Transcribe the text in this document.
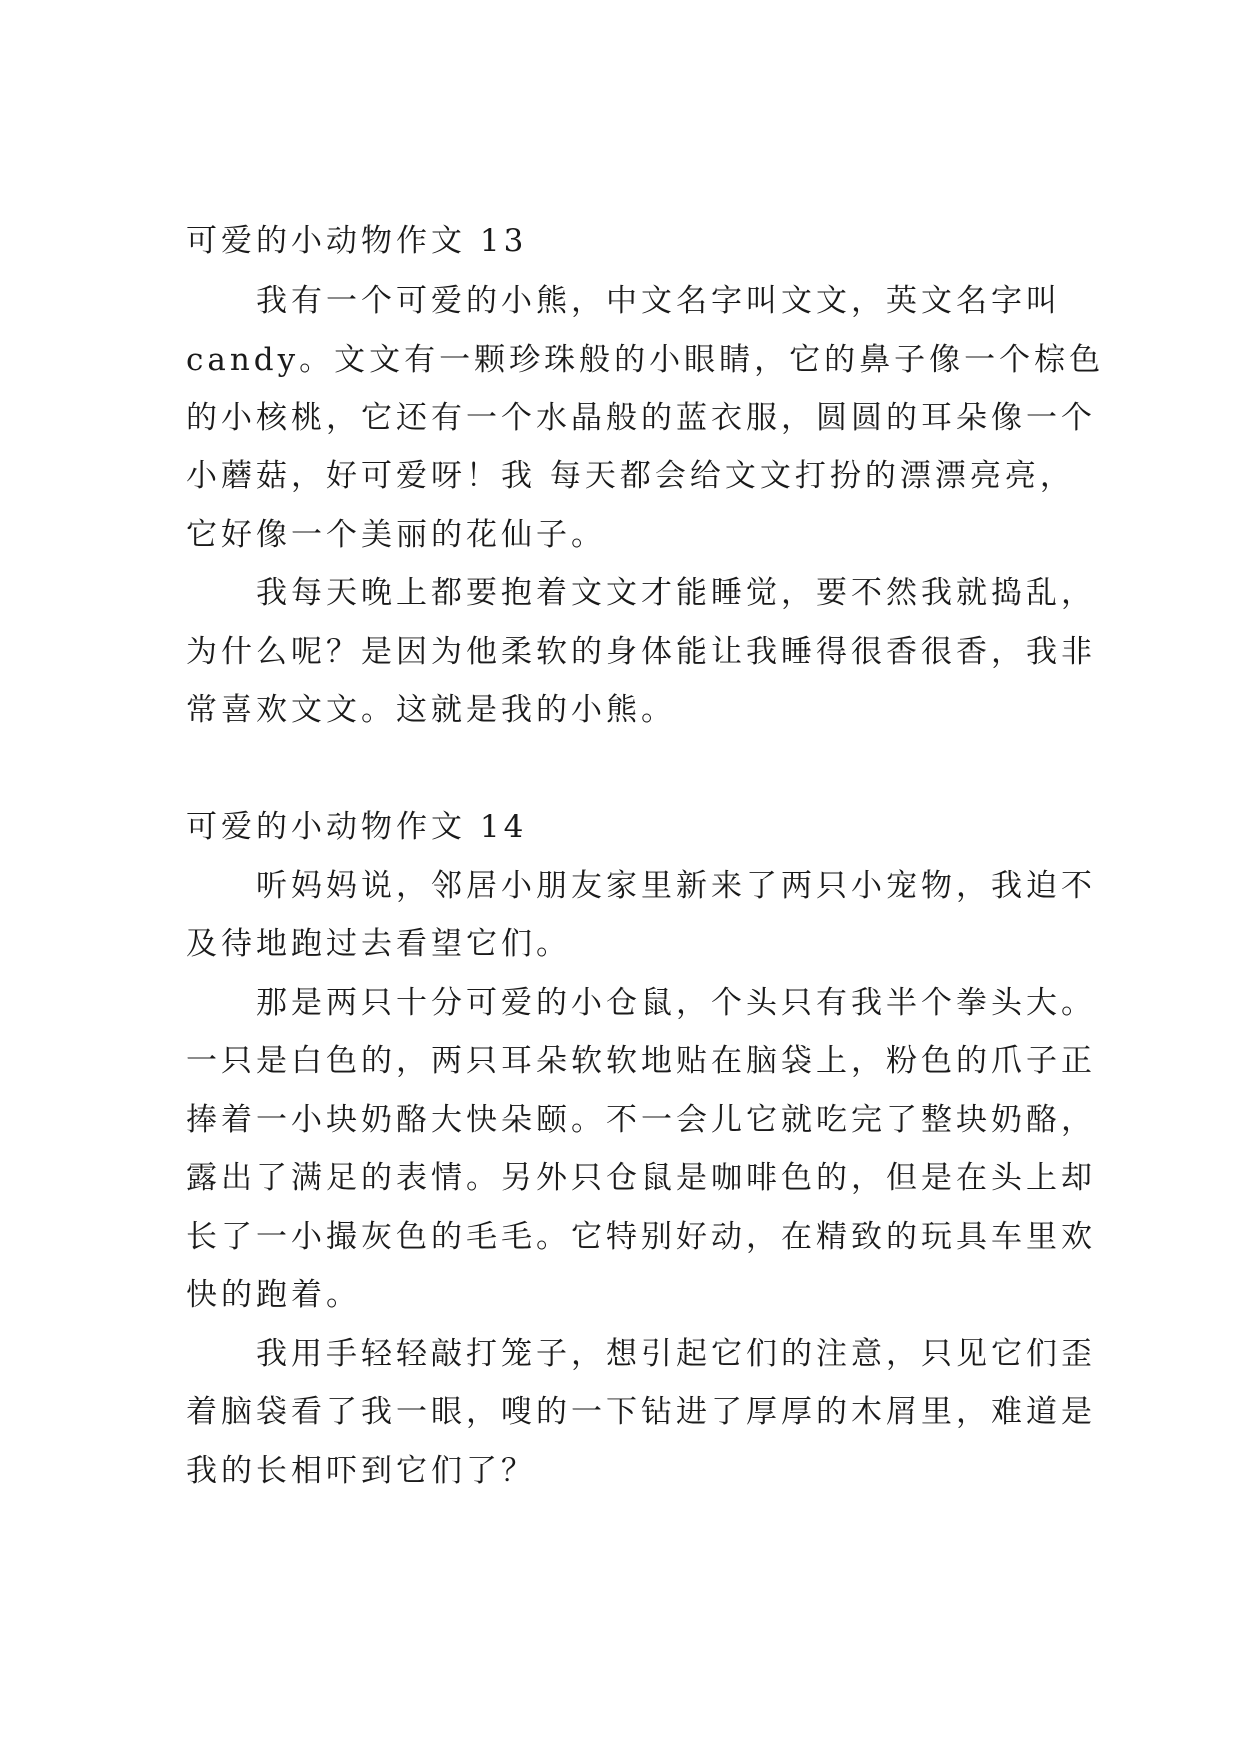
可爱的小动物作文 13
　　我有一个可爱的小熊，中文名字叫文文，英文名字叫
candy。文文有一颗珍珠般的小眼睛，它的鼻子像一个棕色
的小核桃，它还有一个水晶般的蓝衣服，圆圆的耳朵像一个
小蘑菇，好可爱呀！我 每天都会给文文打扮的漂漂亮亮，
它好像一个美丽的花仙子。
　　我每天晚上都要抱着文文才能睡觉，要不然我就捣乱，
为什么呢？是因为他柔软的身体能让我睡得很香很香，我非
常喜欢文文。这就是我的小熊。
可爱的小动物作文 14
　　听妈妈说，邻居小朋友家里新来了两只小宠物，我迫不
及待地跑过去看望它们。
　　那是两只十分可爱的小仓鼠，个头只有我半个拳头大。
一只是白色的，两只耳朵软软地贴在脑袋上，粉色的爪子正
捧着一小块奶酪大快朵颐。不一会儿它就吃完了整块奶酪，
露出了满足的表情。另外只仓鼠是咖啡色的，但是在头上却
长了一小撮灰色的毛毛。它特别好动，在精致的玩具车里欢
快的跑着。
　　我用手轻轻敲打笼子，想引起它们的注意，只见它们歪
着脑袋看了我一眼，嗖的一下钻进了厚厚的木屑里，难道是
我的长相吓到它们了？
